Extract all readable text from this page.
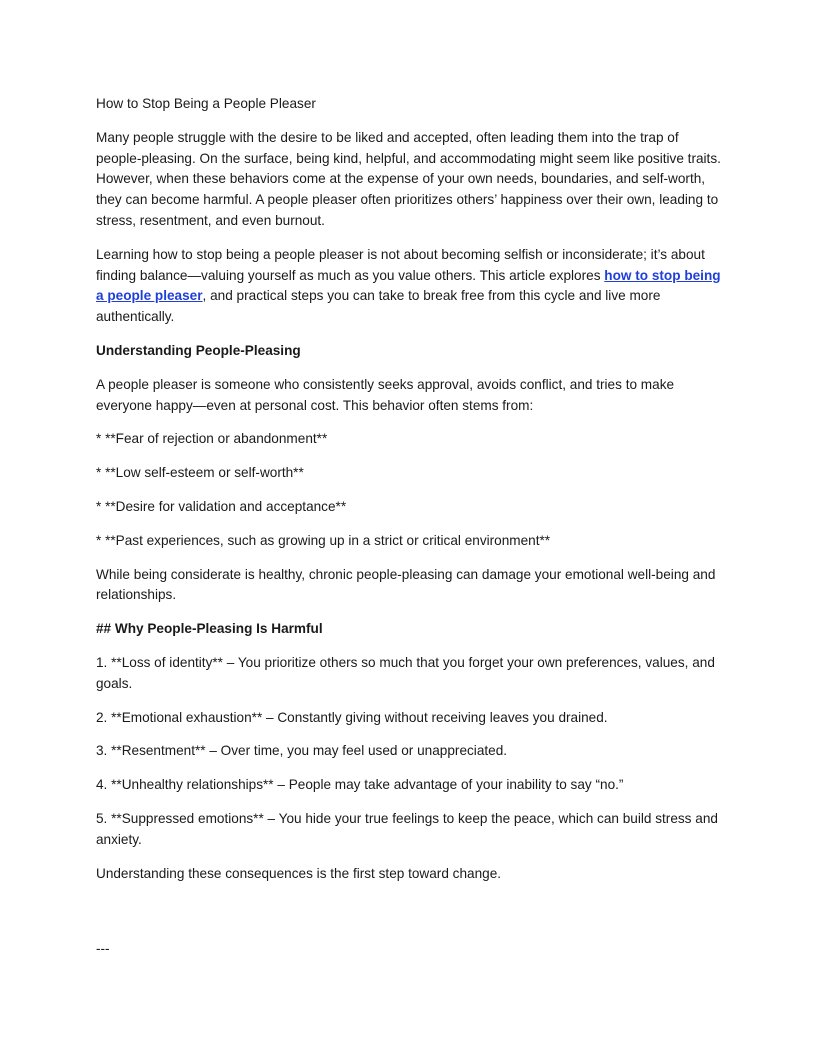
How to Stop Being a People Pleaser

Many people struggle with the desire to be liked and accepted, often leading them into the trap of people-pleasing. On the surface, being kind, helpful, and accommodating might seem like positive traits. However, when these behaviors come at the expense of your own needs, boundaries, and self-worth, they can become harmful. A people pleaser often prioritizes others’ happiness over their own, leading to stress, resentment, and even burnout.

Learning how to stop being a people pleaser is not about becoming selfish or inconsiderate; it’s about finding balance—valuing yourself as much as you value others. This article explores how to stop being a people pleaser, and practical steps you can take to break free from this cycle and live more authentically.

Understanding People-Pleasing

A people pleaser is someone who consistently seeks approval, avoids conflict, and tries to make everyone happy—even at personal cost. This behavior often stems from:

* **Fear of rejection or abandonment**

* **Low self-esteem or self-worth**

* **Desire for validation and acceptance**

* **Past experiences, such as growing up in a strict or critical environment**

While being considerate is healthy, chronic people-pleasing can damage your emotional well-being and relationships.

## Why People-Pleasing Is Harmful

1. **Loss of identity** – You prioritize others so much that you forget your own preferences, values, and goals.

2. **Emotional exhaustion** – Constantly giving without receiving leaves you drained.

3. **Resentment** – Over time, you may feel used or unappreciated.

4. **Unhealthy relationships** – People may take advantage of your inability to say “no.”

5. **Suppressed emotions** – You hide your true feelings to keep the peace, which can build stress and anxiety.

Understanding these consequences is the first step toward change.

---
